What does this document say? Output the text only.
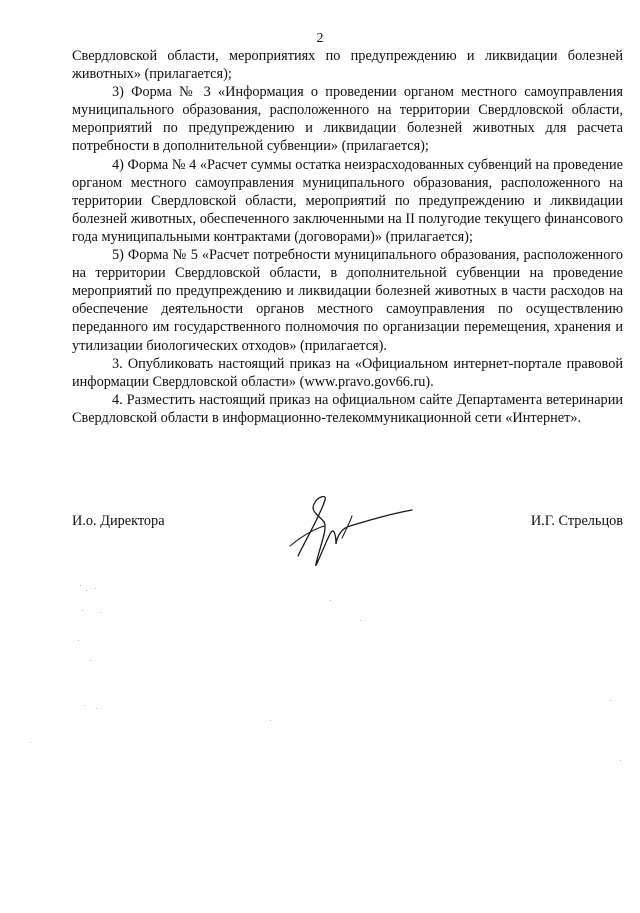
2

Свердловской области, мероприятиях по предупреждению и ликвидации болезней животных» (прилагается);

3) Форма № 3 «Информация о проведении органом местного самоуправления муниципального образования, расположенного на территории Свердловской области, мероприятий по предупреждению и ликвидации болезней животных для расчета потребности в дополнительной субвенции» (прилагается);

4) Форма № 4 «Расчет суммы остатка неизрасходованных субвенций на проведение органом местного самоуправления муниципального образования, расположенного на территории Свердловской области, мероприятий по предупреждению и ликвидации болезней животных, обеспеченного заключенными на II полугодие текущего финансового года муниципальными контрактами (договорами)» (прилагается);

5) Форма № 5 «Расчет потребности муниципального образования, расположенного на территории Свердловской области, в дополнительной субвенции на проведение мероприятий по предупреждению и ликвидации болезней животных в части расходов на обеспечение деятельности органов местного самоуправления по осуществлению переданного им государственного полномочия по организации перемещения, хранения и утилизации биологических отходов» (прилагается).

3. Опубликовать настоящий приказ на «Официальном интернет-портале правовой информации Свердловской области» (www.pravo.gov66.ru).

4. Разместить настоящий приказ на официальном сайте Департамента ветеринарии Свердловской области в информационно-телекоммуникационной сети «Интернет».

И.о. Директора	И.Г. Стрельцов
